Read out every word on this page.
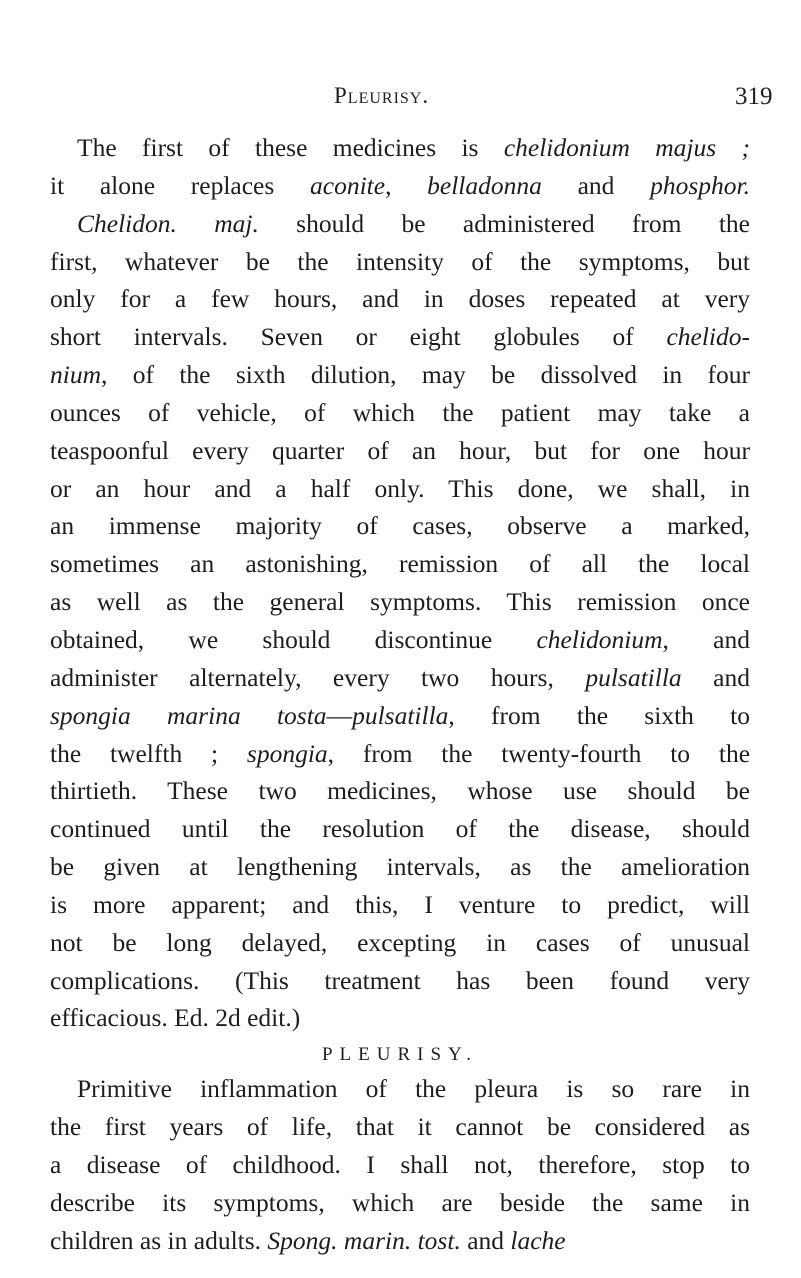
Pleurisy.	319
The first of these medicines is chelidonium majus ;
it alone replaces aconite, belladonna and phosphor.
Chelidon. maj. should be administered from the
first, whatever be the intensity of the symptoms, but
only for a few hours, and in doses repeated at very
short intervals. Seven or eight globules of chelido-
nium, of the sixth dilution, may be dissolved in four
ounces of vehicle, of which the patient may take a
teaspoonful every quarter of an hour, but for one hour
or an hour and a half only. This done, we shall, in
an immense majority of cases, observe a marked,
sometimes an astonishing, remission of all the local
as well as the general symptoms. This remission once
obtained, we should discontinue chelidonium, and
administer alternately, every two hours, pulsatilla and
spongia marina tosta—pulsatilla, from the sixth to
the twelfth ; spongia, from the twenty-fourth to the
thirtieth. These two medicines, whose use should be
continued until the resolution of the disease, should
be given at lengthening intervals, as the amelioration
is more apparent; and this, I venture to predict, will
not be long delayed, excepting in cases of unusual
complications. (This treatment has been found very
efficacious. Ed. 2d edit.)
PLEURISY.
Primitive inflammation of the pleura is so rare in
the first years of life, that it cannot be considered as
a disease of childhood. I shall not, therefore, stop to
describe its symptoms, which are beside the same in
children as in adults. Spong. marin. tost. and lache
